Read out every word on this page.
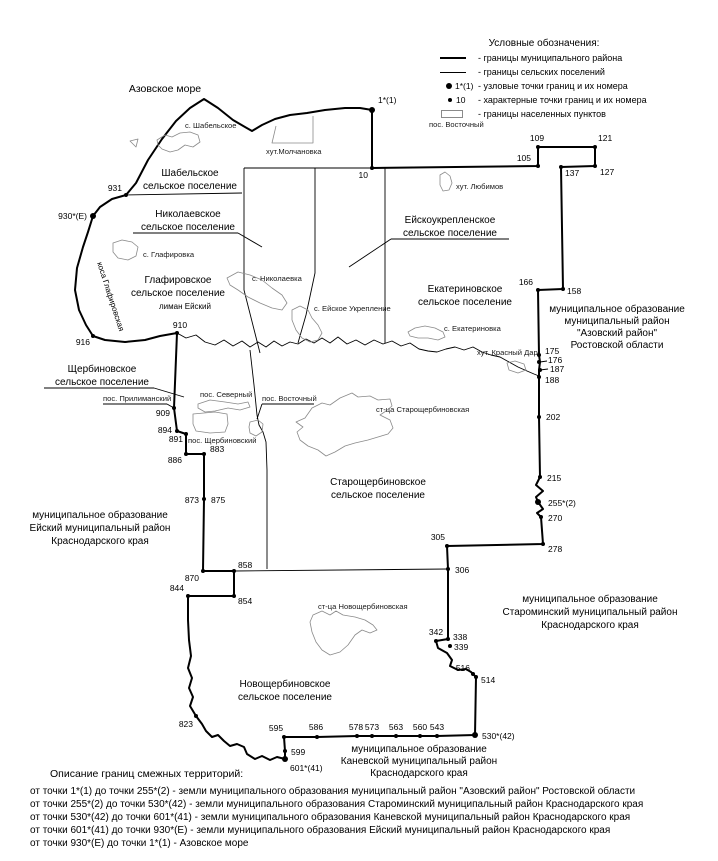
1*(1)
10
105
109	121
127
137
158
166
175
176
187
188
202
215
255*(2)
270
278
305
306
342 338
339
516
514
530*(42)
543
560
563
573
578
586
595
599
601*(41)
823
844
854
858
870
873 875
883
886
891
894
909
910
916
930*(E)
931
Азовское море
Шабельское сельское поселение
Николаевское сельское поселение
Ейскоукрепленское сельское поселение
Глафировское сельское поселение	Екатериновское сельское поселение
Щербиновское сельское поселение
Старощербиновское сельское поселение
Новощербиновское сельское поселение
муниципальное образование муниципальный район "Азовский район" Ростовской области
муниципальное образование Ейский муниципальный район Краснодарского края
муниципальное образование Староминский муниципальный район Краснодарского края
муниципальное образование Каневской муниципальный район Краснодарского края
коса Глафировская	лиман Ейский
с. Шабельское
хут.Молчановка
хут. Любимов
с. Глафировка
с. Николаевка
с. Ейское Укрепление
с. Екатериновка
хут. Красный Дар
пос. Северный пос. Восточный
пос. Щербиновский
пос. Прилиманский
ст-ца Старощербиновская
ст-ца Новощербиновская
Условные обозначения:
- границы муниципального района
- границы сельских поселений
1*(1) - узловые точки границ и их номера
10 - характерные точки границ и их номера
- границы населенных пунктов
пос. Восточный
Описание границ смежных территорий:
от точки 1*(1) до точки 255*(2) - земли муниципального образования муниципальный район "Азовский район" Ростовской области
от точки 255*(2) до точки 530*(42) - земли муниципального образования Староминский муниципальный район Краснодарского края
от точки 530*(42) до точки 601*(41) - земли муниципального образования Каневской муниципальный район Краснодарского края
от точки 601*(41) до точки 930*(E) - земли муниципального образования Ейский муниципальный район Краснодарского края
от точки 930*(E) до точки 1*(1) - Азовское море
